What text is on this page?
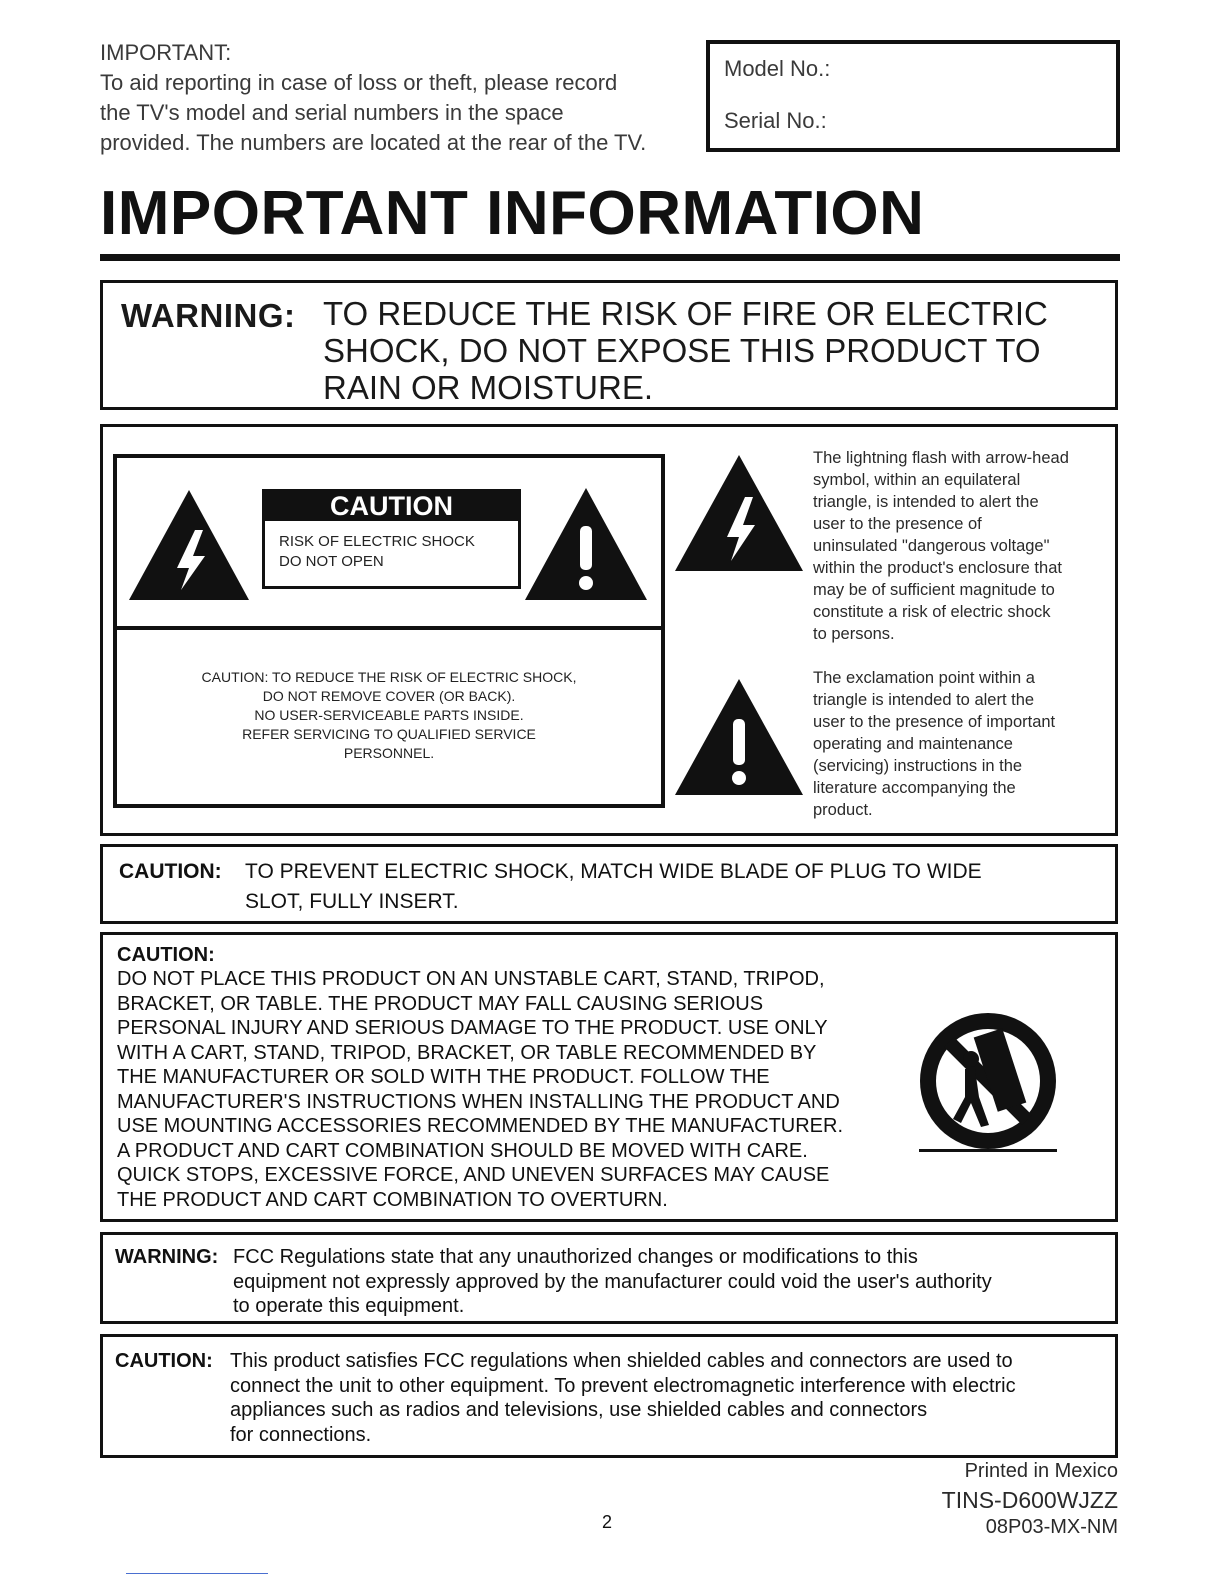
IMPORTANT:
To aid reporting in case of loss or theft, please record
the TV's model and serial numbers in the space
provided. The numbers are located at the rear of the TV.
Model No.:
Serial No.:
IMPORTANT INFORMATION
WARNING: TO REDUCE THE RISK OF FIRE OR ELECTRIC
SHOCK, DO NOT EXPOSE THIS PRODUCT TO
RAIN OR MOISTURE.
CAUTION
RISK OF ELECTRIC SHOCK
DO NOT OPEN
CAUTION: TO REDUCE THE RISK OF ELECTRIC SHOCK,
DO NOT REMOVE COVER (OR BACK).
NO USER-SERVICEABLE PARTS INSIDE.
REFER SERVICING TO QUALIFIED SERVICE
PERSONNEL.
The lightning flash with arrow-head
symbol, within an equilateral
triangle, is intended to alert the
user to the presence of
uninsulated "dangerous voltage"
within the product's enclosure that
may be of sufficient magnitude to
constitute a risk of electric shock
to persons.
The exclamation point within a
triangle is intended to alert the
user to the presence of important
operating and maintenance
(servicing) instructions in the
literature accompanying the
product.
CAUTION: TO PREVENT ELECTRIC SHOCK, MATCH WIDE BLADE OF PLUG TO WIDE
SLOT, FULLY INSERT.
CAUTION:
DO NOT PLACE THIS PRODUCT ON AN UNSTABLE CART, STAND, TRIPOD,
BRACKET, OR TABLE. THE PRODUCT MAY FALL CAUSING SERIOUS
PERSONAL INJURY AND SERIOUS DAMAGE TO THE PRODUCT. USE ONLY
WITH A CART, STAND, TRIPOD, BRACKET, OR TABLE RECOMMENDED BY
THE MANUFACTURER OR SOLD WITH THE PRODUCT. FOLLOW THE
MANUFACTURER'S INSTRUCTIONS WHEN INSTALLING THE PRODUCT AND
USE MOUNTING ACCESSORIES RECOMMENDED BY THE MANUFACTURER.
A PRODUCT AND CART COMBINATION SHOULD BE MOVED WITH CARE.
QUICK STOPS, EXCESSIVE FORCE, AND UNEVEN SURFACES MAY CAUSE
THE PRODUCT AND CART COMBINATION TO OVERTURN.
WARNING: FCC Regulations state that any unauthorized changes or modifications to this
equipment not expressly approved by the manufacturer could void the user's authority
to operate this equipment.
CAUTION: This product satisfies FCC regulations when shielded cables and connectors are used to
connect the unit to other equipment. To prevent electromagnetic interference with electric
appliances such as radios and televisions, use shielded cables and connectors
for connections.
Printed in Mexico
TINS-D600WJZZ
08P03-MX-NM
2
